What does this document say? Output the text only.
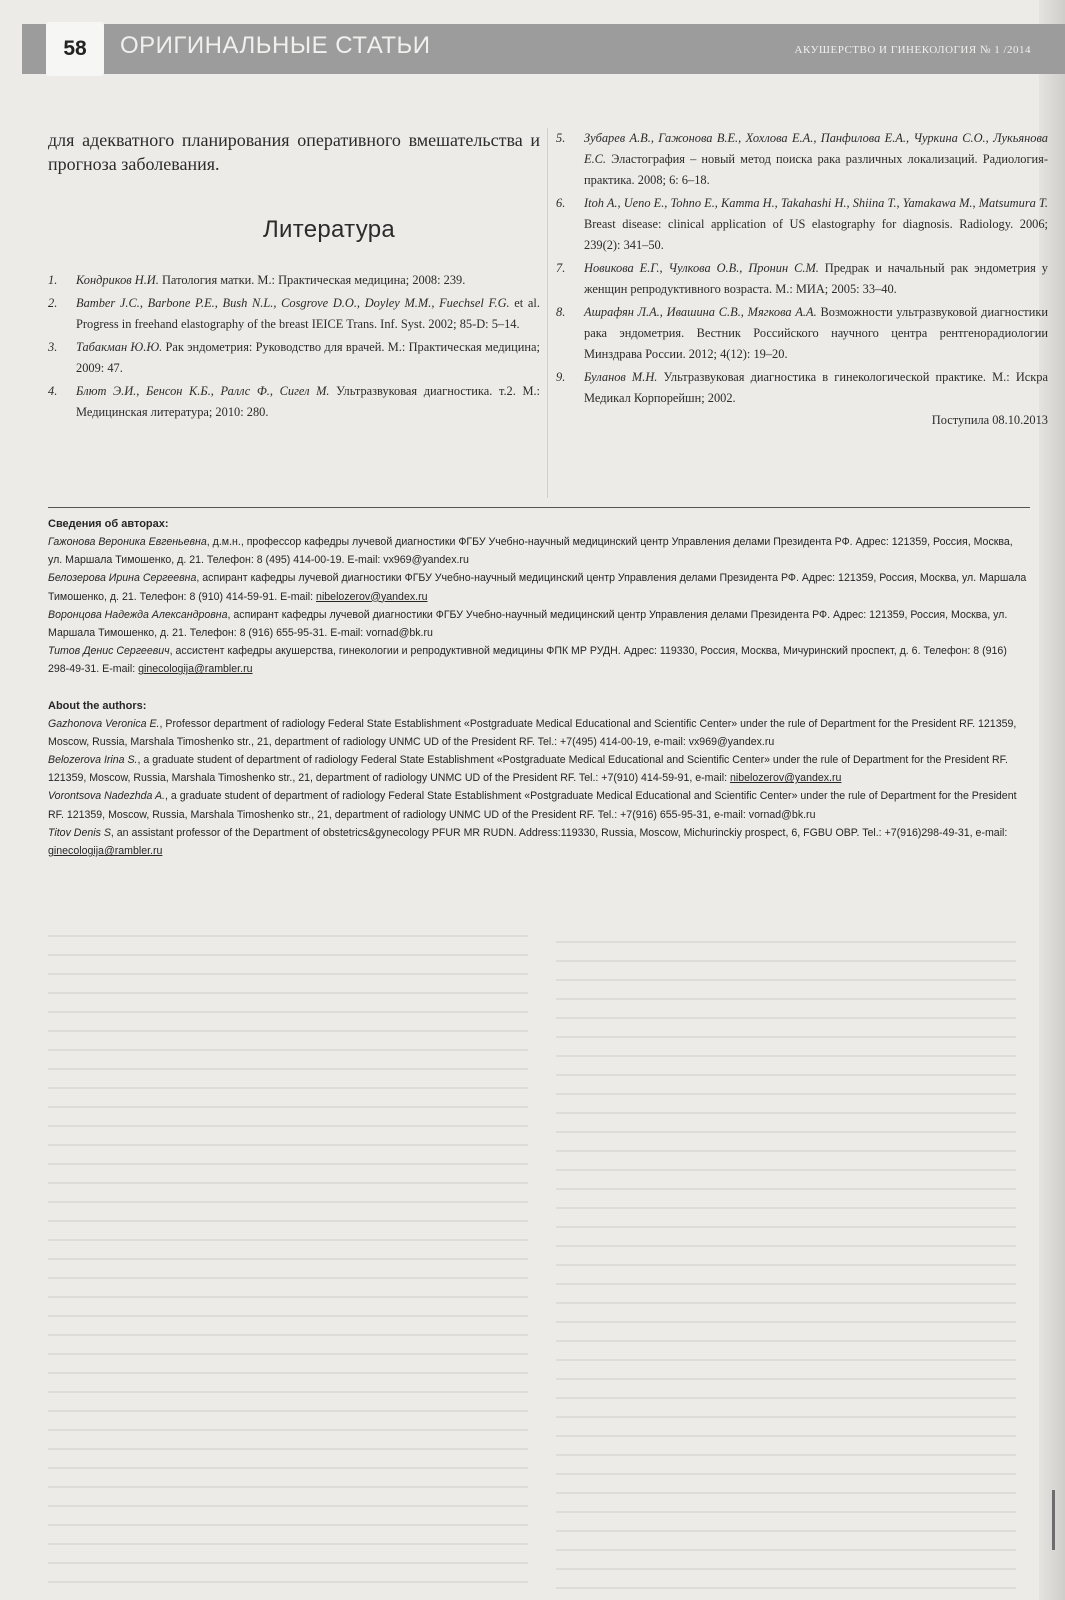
58	ОРИГИНАЛЬНЫЕ СТАТЬИ	АКУШЕРСТВО И ГИНЕКОЛОГИЯ № 1 /2014

для адекватного планирования оперативного вмешательства и прогноза заболевания.

Литература
1. Кондриков Н.И. Патология матки. М.: Практическая медицина; 2008: 239.
2. Bamber J.C., Barbone P.E., Bush N.L., Cosgrove D.O., Doyley M.M., Fuechsel F.G. et al. Progress in freehand elastography of the breast IEICE Trans. Inf. Syst. 2002; 85-D: 5–14.
3. Табакман Ю.Ю. Рак эндометрия: Руководство для врачей. М.: Практическая медицина; 2009: 47.
4. Блют Э.И., Бенсон К.Б., Раллс Ф., Сигел М. Ультразвуковая диагностика. т.2. М.: Медицинская литература; 2010: 280.
5. Зубарев А.В., Гажонова В.Е., Хохлова Е.А., Панфилова Е.А., Чуркина С.О., Лукьянова Е.С. Эластография – новый метод поиска рака различных локализаций. Радиология-практика. 2008; 6: 6–18.
6. Itoh A., Ueno E., Tohno E., Kamma H., Takahashi H., Shiina T., Yamakawa M., Matsumura T. Breast disease: clinical application of US elastography for diagnosis. Radiology. 2006; 239(2): 341–50.
7. Новикова Е.Г., Чулкова О.В., Пронин С.М. Предрак и начальный рак эндометрия у женщин репродуктивного возраста. М.: МИА; 2005: 33–40.
8. Ашрафян Л.А., Ивашина С.В., Мягкова А.А. Возможности ультразвуковой диагностики рака эндометрия. Вестник Российского научного центра рентгенорадиологии Минздрава России. 2012; 4(12): 19–20.
9. Буланов М.Н. Ультразвуковая диагностика в гинекологической практике. М.: Искра Медикал Корпорейшн; 2002.
Поступила 08.10.2013
Сведения об авторах:

Гажонова Вероника Евгеньевна, д.м.н., профессор кафедры лучевой диагностики ФГБУ Учебно-научный медицинский центр Управления делами Президента РФ. Адрес: 121359, Россия, Москва, ул. Маршала Тимошенко, д. 21. Телефон: 8 (495) 414-00-19. E-mail: vx969@yandex.ru

Белозерова Ирина Сергеевна, аспирант кафедры лучевой диагностики ФГБУ Учебно-научный медицинский центр Управления делами Президента РФ. Адрес: 121359, Россия, Москва, ул. Маршала Тимошенко, д. 21. Телефон: 8 (910) 414-59-91. E-mail: nibelozerov@yandex.ru

Воронцова Надежда Александровна, аспирант кафедры лучевой диагностики ФГБУ Учебно-научный медицинский центр Управления делами Президента РФ. Адрес: 121359, Россия, Москва, ул. Маршала Тимошенко, д. 21. Телефон: 8 (916) 655-95-31. E-mail: vornad@bk.ru

Титов Денис Сергеевич, ассистент кафедры акушерства, гинекологии и репродуктивной медицины ФПК МР РУДН. Адрес: 119330, Россия, Москва, Мичуринский проспект, д. 6. Телефон: 8 (916) 298-49-31. E-mail: ginecologija@rambler.ru

About the authors:

Gazhonova Veronica E., Professor department of radiology Federal State Establishment «Postgraduate Medical Educational and Scientific Center» under the rule of Department for the President RF. 121359, Moscow, Russia, Marshala Timoshenko str., 21, department of radiology UNMC UD of the President RF. Tel.: +7(495) 414-00-19, e-mail: vx969@yandex.ru

Belozerova Irina S., a graduate student of department of radiology Federal State Establishment «Postgraduate Medical Educational and Scientific Center» under the rule of Department for the President RF. 121359, Moscow, Russia, Marshala Timoshenko str., 21, department of radiology UNMC UD of the President RF. Tel.: +7(910) 414-59-91, e-mail: nibelozerov@yandex.ru

Vorontsova Nadezhda A., a graduate student of department of radiology Federal State Establishment «Postgraduate Medical Educational and Scientific Center» under the rule of Department for the President RF. 121359, Moscow, Russia, Marshala Timoshenko str., 21, department of radiology UNMC UD of the President RF. Tel.: +7(916) 655-95-31, e-mail: vornad@bk.ru

Titov Denis S, an assistant professor of the Department of obstetrics&gynecology PFUR MR RUDN. Address:119330, Russia, Moscow, Michurinckiy prospect, 6, FGBU OBP. Tel.: +7(916)298-49-31, e-mail: ginecologija@rambler.ru
